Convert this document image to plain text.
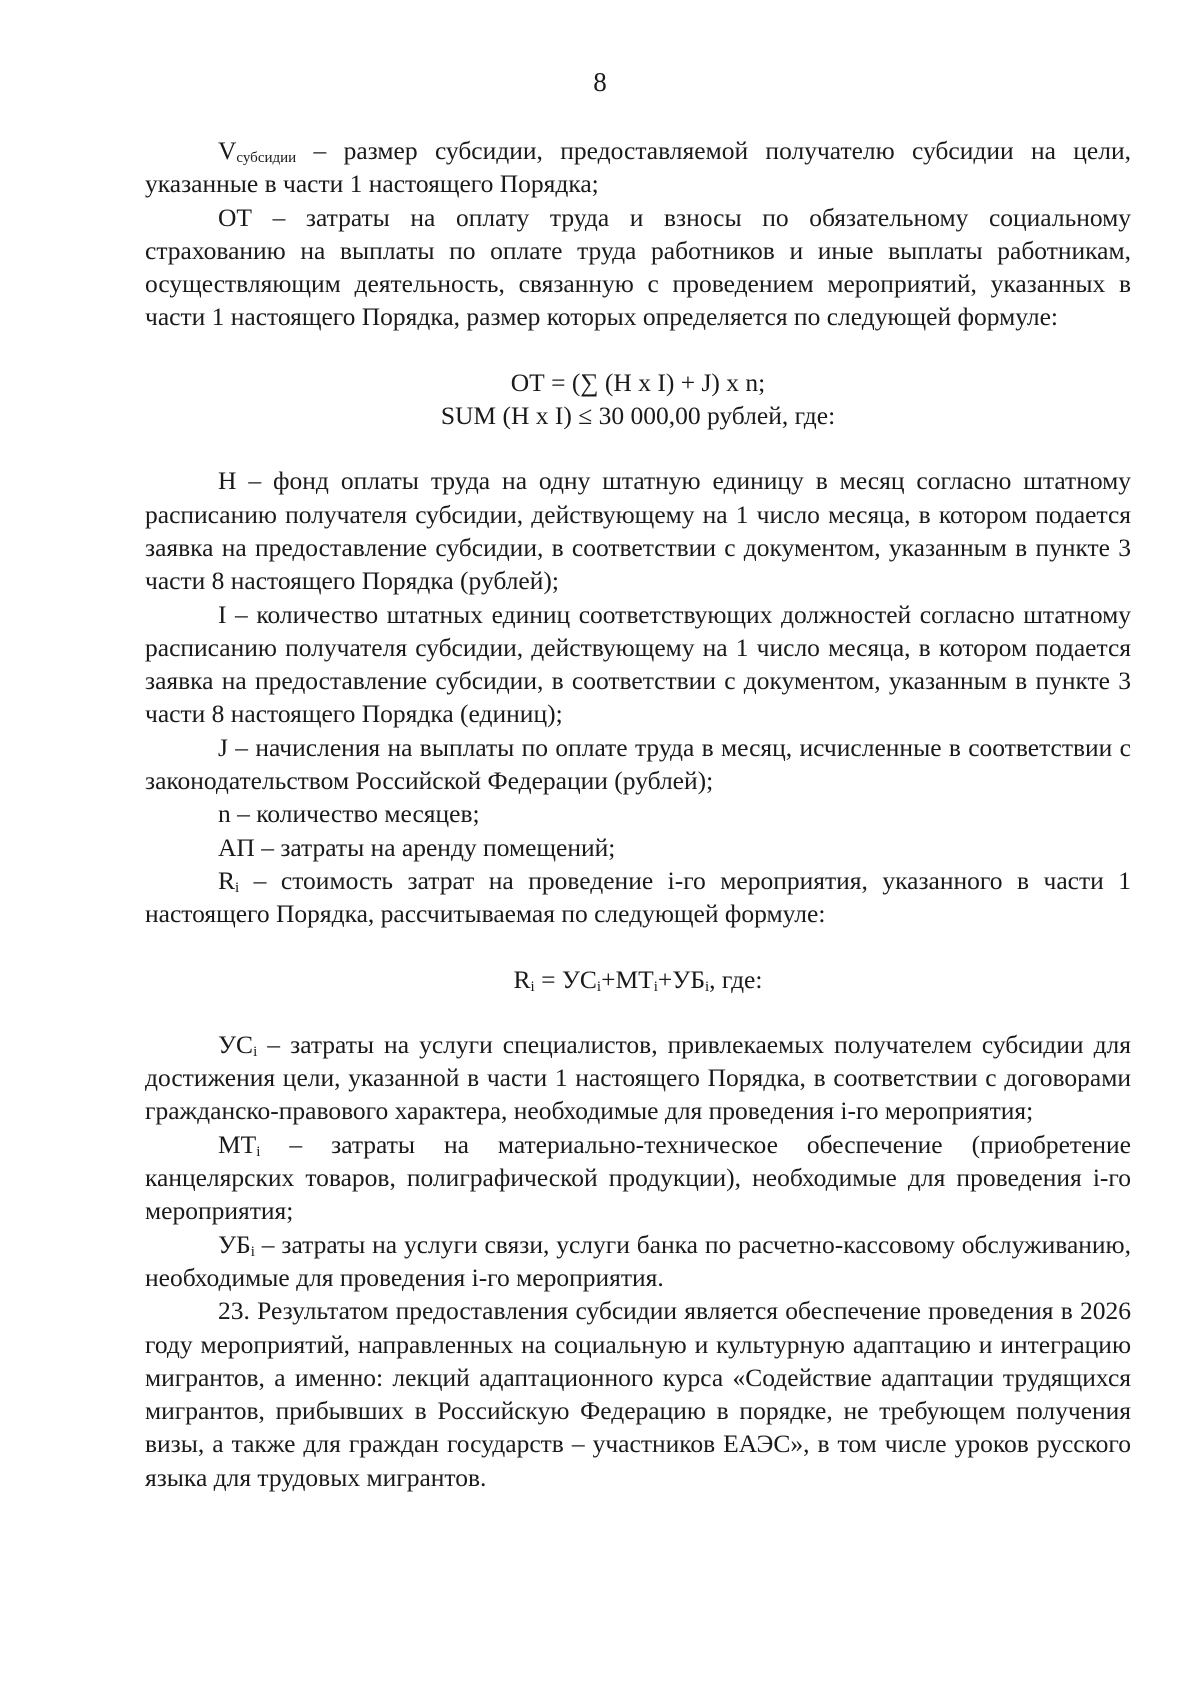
8

$V_{субсидии}$ – размер субсидии, предоставляемой получателю субсидии на цели, указанные в части 1 настоящего Порядка;

ОТ – затраты на оплату труда и взносы по обязательному социальному страхованию на выплаты по оплате труда работников и иные выплаты работникам, осуществляющим деятельность, связанную с проведением мероприятий, указанных в части 1 настоящего Порядка, размер которых определяется по следующей формуле:

ОТ = (∑ (H х I) + J) х n;

SUM (H х I) ≤ 30 000,00 рублей, где:

H – фонд оплаты труда на одну штатную единицу в месяц согласно штатному расписанию получателя субсидии, действующему на 1 число месяца, в котором подается заявка на предоставление субсидии, в соответствии с документом, указанным в пункте 3 части 8 настоящего Порядка (рублей);

I – количество штатных единиц соответствующих должностей согласно штатному расписанию получателя субсидии, действующему на 1 число месяца, в котором подается заявка на предоставление субсидии, в соответствии с документом, указанным в пункте 3 части 8 настоящего Порядка (единиц);

J – начисления на выплаты по оплате труда в месяц, исчисленные в соответствии с законодательством Российской Федерации (рублей);

n – количество месяцев;

АП – затраты на аренду помещений;

$R_i$ – стоимость затрат на проведение i-го мероприятия, указанного в части 1 настоящего Порядка, рассчитываемая по следующей формуле:

$R_i = УС_i+МТ_i+УБ_i$, где:

$УС_i$ – затраты на услуги специалистов, привлекаемых получателем субсидии для достижения цели, указанной в части 1 настоящего Порядка, в соответствии с договорами гражданско-правового характера, необходимые для проведения i-го мероприятия;

$МТ_i$ – затраты на материально-техническое обеспечение (приобретение канцелярских товаров, полиграфической продукции), необходимые для проведения i-го мероприятия;

$УБ_i$ – затраты на услуги связи, услуги банка по расчетно-кассовому обслуживанию, необходимые для проведения i-го мероприятия.

23. Результатом предоставления субсидии является обеспечение проведения в 2026 году мероприятий, направленных на социальную и культурную адаптацию и интеграцию мигрантов, а именно: лекций адаптационного курса «Содействие адаптации трудящихся мигрантов, прибывших в Российскую Федерацию в порядке, не требующем получения визы, а также для граждан государств – участников ЕАЭС», в том числе уроков русского языка для трудовых мигрантов.
